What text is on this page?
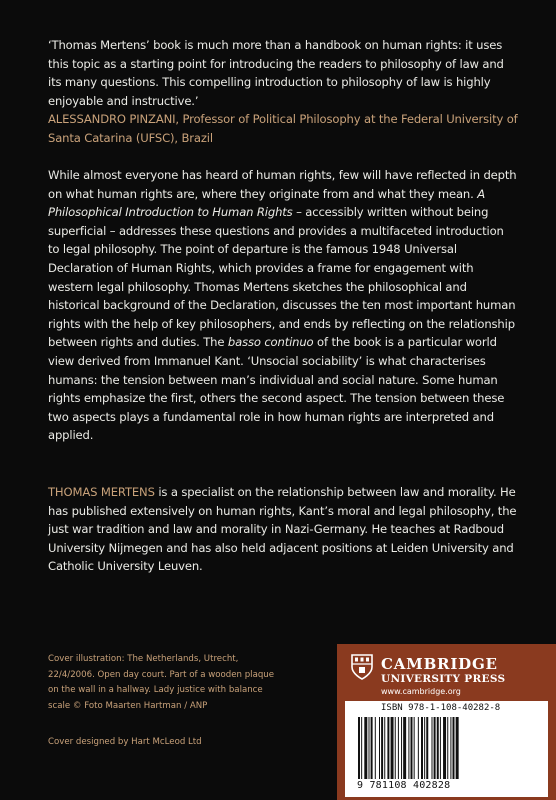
‘Thomas Mertens’ book is much more than a handbook on human rights: it uses this topic as a starting point for introducing the readers to philosophy of law and its many questions. This compelling introduction to philosophy of law is highly enjoyable and instructive.’
ALESSANDRO PINZANI, Professor of Political Philosophy at the Federal University of Santa Catarina (UFSC), Brazil
While almost everyone has heard of human rights, few will have reflected in depth on what human rights are, where they originate from and what they mean. A Philosophical Introduction to Human Rights – accessibly written without being superficial – addresses these questions and provides a multifaceted introduction to legal philosophy. The point of departure is the famous 1948 Universal Declaration of Human Rights, which provides a frame for engagement with western legal philosophy. Thomas Mertens sketches the philosophical and historical background of the Declaration, discusses the ten most important human rights with the help of key philosophers, and ends by reflecting on the relationship between rights and duties. The basso continuo of the book is a particular world view derived from Immanuel Kant. ‘Unsocial sociability’ is what characterises humans: the tension between man’s individual and social nature. Some human rights emphasize the first, others the second aspect. The tension between these two aspects plays a fundamental role in how human rights are interpreted and applied.
THOMAS MERTENS is a specialist on the relationship between law and morality. He has published extensively on human rights, Kant’s moral and legal philosophy, the just war tradition and law and morality in Nazi-Germany. He teaches at Radboud University Nijmegen and has also held adjacent positions at Leiden University and Catholic University Leuven.
Cover illustration: The Netherlands, Utrecht, 22/4/2006. Open day court. Part of a wooden plaque on the wall in a hallway. Lady justice with balance scale © Foto Maarten Hartman / ANP
Cover designed by Hart McLeod Ltd
CAMBRIDGE
UNIVERSITY PRESS
www.cambridge.org
ISBN 978-1-108-40282-8
9 781108 402828
